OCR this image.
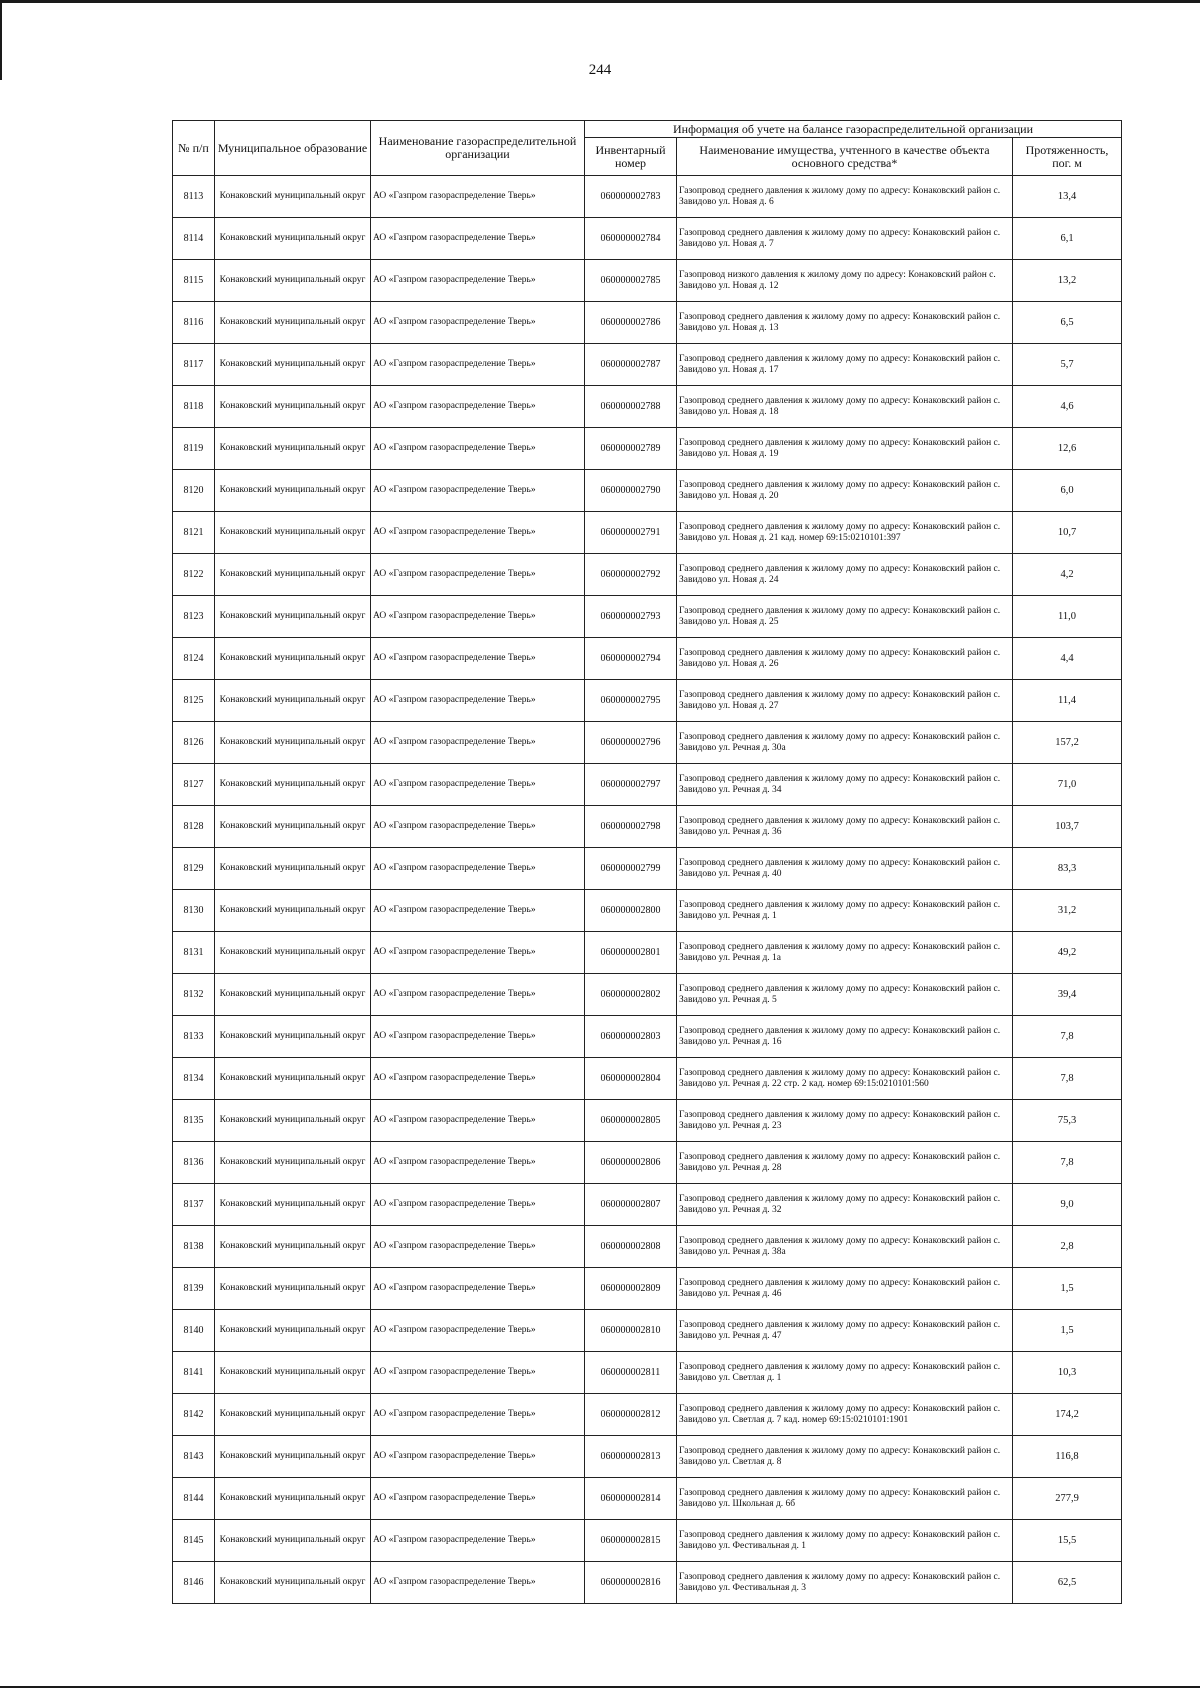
244
№ п/п	Муниципальное образование	Наименование газораспределительной организации	Информация об учете на балансе газораспределительной организации		
			Инвентарный номер	Наименование имущества, учтенного в качестве объекта основного средства*	Протяженность, пог. м
8113	Конаковский муниципальный округ	АО «Газпром газораспределение Тверь»	060000002783	Газопровод среднего давления к жилому дому по адресу: Конаковский район с. Завидово ул. Новая д. 6	13,4
8114	Конаковский муниципальный округ	АО «Газпром газораспределение Тверь»	060000002784	Газопровод среднего давления к жилому дому по адресу: Конаковский район с. Завидово ул. Новая д. 7	6,1
8115	Конаковский муниципальный округ	АО «Газпром газораспределение Тверь»	060000002785	Газопровод низкого давления к жилому дому по адресу: Конаковский район с. Завидово ул. Новая д. 12	13,2
8116	Конаковский муниципальный округ	АО «Газпром газораспределение Тверь»	060000002786	Газопровод среднего давления к жилому дому по адресу: Конаковский район с. Завидово ул. Новая д. 13	6,5
8117	Конаковский муниципальный округ	АО «Газпром газораспределение Тверь»	060000002787	Газопровод среднего давления к жилому дому по адресу: Конаковский район с. Завидово ул. Новая д. 17	5,7
8118	Конаковский муниципальный округ	АО «Газпром газораспределение Тверь»	060000002788	Газопровод среднего давления к жилому дому по адресу: Конаковский район с. Завидово ул. Новая д. 18	4,6
8119	Конаковский муниципальный округ	АО «Газпром газораспределение Тверь»	060000002789	Газопровод среднего давления к жилому дому по адресу: Конаковский район с. Завидово ул. Новая д. 19	12,6
8120	Конаковский муниципальный округ	АО «Газпром газораспределение Тверь»	060000002790	Газопровод среднего давления к жилому дому по адресу: Конаковский район с. Завидово ул. Новая д. 20	6,0
8121	Конаковский муниципальный округ	АО «Газпром газораспределение Тверь»	060000002791	Газопровод среднего давления к жилому дому по адресу: Конаковский район с. Завидово ул. Новая д. 21 кад. номер 69:15:0210101:397	10,7
8122	Конаковский муниципальный округ	АО «Газпром газораспределение Тверь»	060000002792	Газопровод среднего давления к жилому дому по адресу: Конаковский район с. Завидово ул. Новая д. 24	4,2
8123	Конаковский муниципальный округ	АО «Газпром газораспределение Тверь»	060000002793	Газопровод среднего давления к жилому дому по адресу: Конаковский район с. Завидово ул. Новая д. 25	11,0
8124	Конаковский муниципальный округ	АО «Газпром газораспределение Тверь»	060000002794	Газопровод среднего давления к жилому дому по адресу: Конаковский район с. Завидово ул. Новая д. 26	4,4
8125	Конаковский муниципальный округ	АО «Газпром газораспределение Тверь»	060000002795	Газопровод среднего давления к жилому дому по адресу: Конаковский район с. Завидово ул. Новая д. 27	11,4
8126	Конаковский муниципальный округ	АО «Газпром газораспределение Тверь»	060000002796	Газопровод среднего давления к жилому дому по адресу: Конаковский район с. Завидово ул. Речная д. 30а	157,2
8127	Конаковский муниципальный округ	АО «Газпром газораспределение Тверь»	060000002797	Газопровод среднего давления к жилому дому по адресу: Конаковский район с. Завидово ул. Речная д. 34	71,0
8128	Конаковский муниципальный округ	АО «Газпром газораспределение Тверь»	060000002798	Газопровод среднего давления к жилому дому по адресу: Конаковский район с. Завидово ул. Речная д. 36	103,7
8129	Конаковский муниципальный округ	АО «Газпром газораспределение Тверь»	060000002799	Газопровод среднего давления к жилому дому по адресу: Конаковский район с. Завидово ул. Речная д. 40	83,3
8130	Конаковский муниципальный округ	АО «Газпром газораспределение Тверь»	060000002800	Газопровод среднего давления к жилому дому по адресу: Конаковский район с. Завидово ул. Речная д. 1	31,2
8131	Конаковский муниципальный округ	АО «Газпром газораспределение Тверь»	060000002801	Газопровод среднего давления к жилому дому по адресу: Конаковский район с. Завидово ул. Речная д. 1а	49,2
8132	Конаковский муниципальный округ	АО «Газпром газораспределение Тверь»	060000002802	Газопровод среднего давления к жилому дому по адресу: Конаковский район с. Завидово ул. Речная д. 5	39,4
8133	Конаковский муниципальный округ	АО «Газпром газораспределение Тверь»	060000002803	Газопровод среднего давления к жилому дому по адресу: Конаковский район с. Завидово ул. Речная д. 16	7,8
8134	Конаковский муниципальный округ	АО «Газпром газораспределение Тверь»	060000002804	Газопровод среднего давления к жилому дому по адресу: Конаковский район с. Завидово ул. Речная д. 22 стр. 2 кад. номер 69:15:0210101:560	7,8
8135	Конаковский муниципальный округ	АО «Газпром газораспределение Тверь»	060000002805	Газопровод среднего давления к жилому дому по адресу: Конаковский район с. Завидово ул. Речная д. 23	75,3
8136	Конаковский муниципальный округ	АО «Газпром газораспределение Тверь»	060000002806	Газопровод среднего давления к жилому дому по адресу: Конаковский район с. Завидово ул. Речная д. 28	7,8
8137	Конаковский муниципальный округ	АО «Газпром газораспределение Тверь»	060000002807	Газопровод среднего давления к жилому дому по адресу: Конаковский район с. Завидово ул. Речная д. 32	9,0
8138	Конаковский муниципальный округ	АО «Газпром газораспределение Тверь»	060000002808	Газопровод среднего давления к жилому дому по адресу: Конаковский район с. Завидово ул. Речная д. 38а	2,8
8139	Конаковский муниципальный округ	АО «Газпром газораспределение Тверь»	060000002809	Газопровод среднего давления к жилому дому по адресу: Конаковский район с. Завидово ул. Речная д. 46	1,5
8140	Конаковский муниципальный округ	АО «Газпром газораспределение Тверь»	060000002810	Газопровод среднего давления к жилому дому по адресу: Конаковский район с. Завидово ул. Речная д. 47	1,5
8141	Конаковский муниципальный округ	АО «Газпром газораспределение Тверь»	060000002811	Газопровод среднего давления к жилому дому по адресу: Конаковский район с. Завидово ул. Светлая д. 1	10,3
8142	Конаковский муниципальный округ	АО «Газпром газораспределение Тверь»	060000002812	Газопровод среднего давления к жилому дому по адресу: Конаковский район с. Завидово ул. Светлая д. 7 кад. номер 69:15:0210101:1901	174,2
8143	Конаковский муниципальный округ	АО «Газпром газораспределение Тверь»	060000002813	Газопровод среднего давления к жилому дому по адресу: Конаковский район с. Завидово ул. Светлая д. 8	116,8
8144	Конаковский муниципальный округ	АО «Газпром газораспределение Тверь»	060000002814	Газопровод среднего давления к жилому дому по адресу: Конаковский район с. Завидово ул. Школьная д. 6б	277,9
8145	Конаковский муниципальный округ	АО «Газпром газораспределение Тверь»	060000002815	Газопровод среднего давления к жилому дому по адресу: Конаковский район с. Завидово ул. Фестивальная д. 1	15,5
8146	Конаковский муниципальный округ	АО «Газпром газораспределение Тверь»	060000002816	Газопровод среднего давления к жилому дому по адресу: Конаковский район с. Завидово ул. Фестивальная д. 3	62,5
